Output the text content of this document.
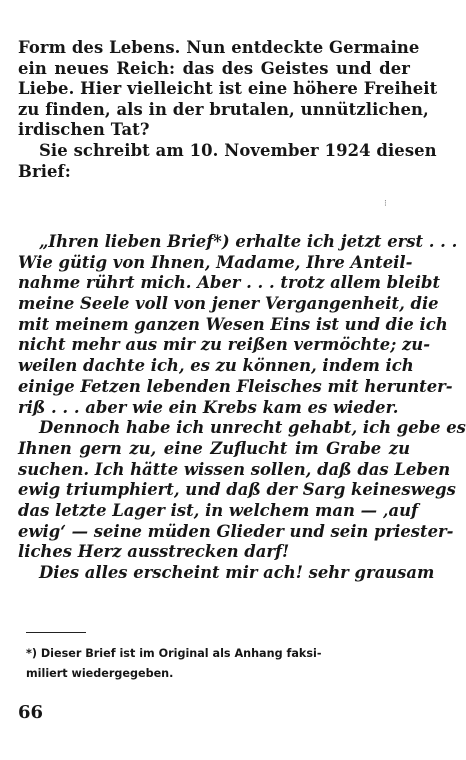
Form des Lebens. Nun entdeckte Germaine
ein neues Reich: das des Geistes und der
Liebe. Hier vielleicht ist eine höhere Freiheit
zu finden, als in der brutalen, unnützlichen,
irdischen Tat?
Sie schreibt am 10. November 1924 diesen
Brief:
⁝
„Ihren lieben Brief*) erhalte ich jetzt erst . . .
Wie gütig von Ihnen, Madame, Ihre Anteil-
nahme rührt mich. Aber . . . trotz allem bleibt
meine Seele voll von jener Vergangenheit, die
mit meinem ganzen Wesen Eins ist und die ich
nicht mehr aus mir zu reißen vermöchte; zu-
weilen dachte ich, es zu können, indem ich
einige Fetzen lebenden Fleisches mit herunter-
riß . . . aber wie ein Krebs kam es wieder.
Dennoch habe ich unrecht gehabt, ich gebe es
Ihnen gern zu, eine Zuflucht im Grabe zu
suchen. Ich hätte wissen sollen, daß das Leben
ewig triumphiert, und daß der Sarg keineswegs
das letzte Lager ist, in welchem man — ‚auf
ewig‘ — seine müden Glieder und sein priester-
liches Herz ausstrecken darf!
Dies alles erscheint mir ach! sehr grausam
*) Dieser Brief ist im Original als Anhang faksi-
miliert wiedergegeben.
66
